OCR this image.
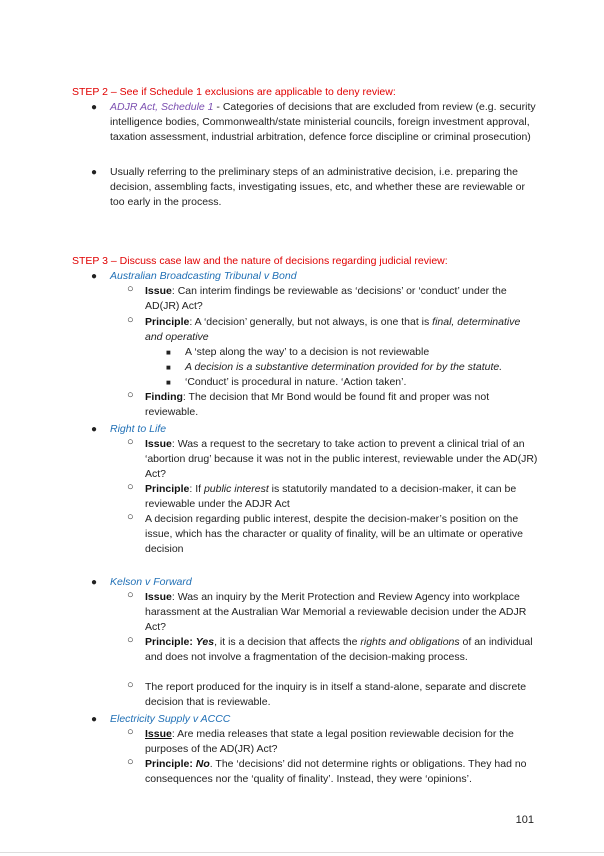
STEP 2 – See if Schedule 1 exclusions are applicable to deny review:
● ADJR Act, Schedule 1 - Categories of decisions that are excluded from review (e.g. security intelligence bodies, Commonwealth/state ministerial councils, foreign investment approval, taxation assessment, industrial arbitration, defence force discipline or criminal prosecution)
● Usually referring to the preliminary steps of an administrative decision, i.e. preparing the decision, assembling facts, investigating issues, etc, and whether these are reviewable or too early in the process.
STEP 3 – Discuss case law and the nature of decisions regarding judicial review:
● Australian Broadcasting Tribunal v Bond
○ Issue: Can interim findings be reviewable as ‘decisions’ or ‘conduct’ under the AD(JR) Act?
○ Principle: A ‘decision’ generally, but not always, is one that is final, determinative and operative
■ A ‘step along the way’ to a decision is not reviewable
■ A decision is a substantive determination provided for by the statute.
■ ‘Conduct’ is procedural in nature. ‘Action taken’.
○ Finding: The decision that Mr Bond would be found fit and proper was not reviewable.
● Right to Life
○ Issue: Was a request to the secretary to take action to prevent a clinical trial of an ‘abortion drug’ because it was not in the public interest, reviewable under the AD(JR) Act?
○ Principle: If public interest is statutorily mandated to a decision-maker, it can be reviewable under the ADJR Act
○ A decision regarding public interest, despite the decision-maker’s position on the issue, which has the character or quality of finality, will be an ultimate or operative decision
● Kelson v Forward
○ Issue: Was an inquiry by the Merit Protection and Review Agency into workplace harassment at the Australian War Memorial a reviewable decision under the ADJR Act?
○ Principle: Yes, it is a decision that affects the rights and obligations of an individual and does not involve a fragmentation of the decision-making process.
○ The report produced for the inquiry is in itself a stand-alone, separate and discrete decision that is reviewable.
● Electricity Supply v ACCC
○ Issue: Are media releases that state a legal position reviewable decision for the purposes of the AD(JR) Act?
○ Principle: No. The ‘decisions’ did not determine rights or obligations. They had no consequences nor the ‘quality of finality’. Instead, they were ‘opinions’.
101
